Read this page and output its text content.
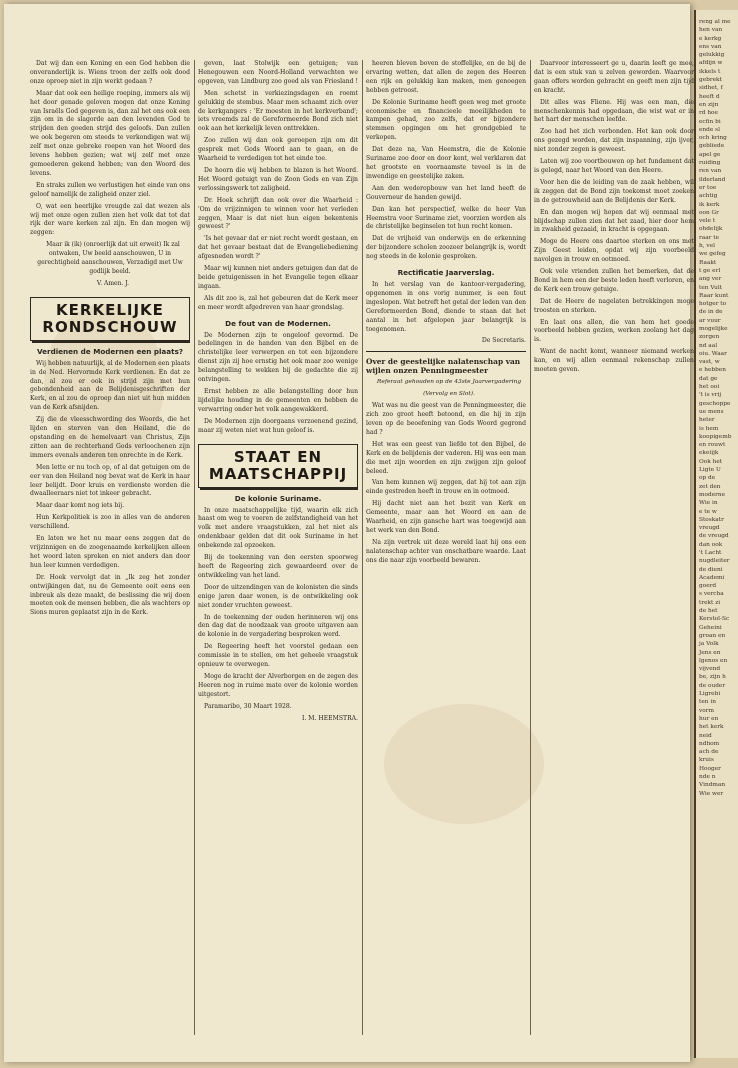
Dat wij dan een Koning en een God hebben die onveranderlijk is. Wiens troon der zelfs ook dood onze oproep niet in zijn werkt gedaan ?

Maar dat ook een heilige roeping, immers als wij het door genade geloven mogen dat onze Koning van Israëls God gegeven is, dan zal het ons ook een zijn om in de slagorde aan den levenden God te strijden den goeden strijd des geloofs. Dan zullen we ook begeren om steeds te verkondigen wat wij zelf met onze gebreke roepen van het Woord des levens hebben gezien; wat wij zelf met onze gemoederen gekend hebben; van den Woord des levens.

En straks zullen we verlustigen het einde van ons geloof namelijk de zaligheid onzer ziel.

O, wat een heerlijke vreugde zal dat wezen als wij met onze ogen zullen zien het volk dat tot dat rijk der ware kerken zal zijn. En dan mogen wij zeggen:

Maar ik (ik) (onroerlijk dat uit erweit) Ik zal ontwaken, Uw beeld aanschouwen, U in gerechtigheid aanschouwen, Verzadigd met Uw godlijk beeld.

V. Amen. J.

KERKELIJKE
RONDSCHOUW
Verdienen de Modernen een plaats?

Wij hebben natuurlijk, al de Modernen een plaats in de Ned. Hervormde Kerk verdienen. En dat ze dan, al zou er ook in strijd zijn met hun gebondenheid aan de Belijdenisgeschriften der Kerk, en al zou de oproep dan niet uit hun midden van de Kerk afsnijden.

Zij die de vleesschwording des Woords, die het lijden en sterven van den Heiland, die de opstanding en de hemelvaart van Christus, Zijn zitten aan de rechterhand Gods verloochenen zijn immers evenals anderen ten onrechte in de Kerk.

Men lette er nu toch op, of al dat getuigen om de eer van den Heiland nog bevat wat de Kerk in haar leer belijdt. Door kruis en verdienste worden die dwaalleeraars niet tot inkeer gebracht.

Maar daar komt nog iets bij.

Hun Kerkpolitiek is zoo in alles van de anderen verschillend.

En laten we het nu maar eens zeggen dat de vrijzinnigen en de zoogenaamde kerkelijken alleen het woord laten spreken en niet anders dan door hun leer kunnen verdedigen.

Dr. Hoek vervolgt dat in „Ik zeg het zonder ontwijkingen dat, nu de Gemeente ooit eens een inbreuk als deze maakt, de beslissing die wij doen moeten ook de mensen hebben, die als wachters op Sions muren geplaatst zijn in de Kerk.

geven, laat Stolwijk een getuigen; van Henegouwen een Noord-Holland verwachten we opgeven, van Lindburg zoo goed als van Friesland !

Men schetst in verkiezingsdagen en roemt gelukkig de stembus. Maar men schaamt zich over de kerkgangers : 'Er moesten in het kerkverband'; iets vreemds zal de Gereformeerde Bond zich niet ook aan het kerkelijk leven onttrekken.

Zoo zullen wij dan ook geroepen zijn om dit gesprek met Gods Woord aan te gaan, en de Waarheid te verdedigen tot het einde toe.

De hoorn die wij hebben te blazen is het Woord. Het Woord getuigt van de Zoon Gods en van Zijn verlossingswerk tot zaligheid.

Dr. Hoek schrijft dan ook over die Waarheid : 'Om de vrijzinnigen te winnen voor het verleden zeggen, Maar is dat niet hun eigen bekentenis geweest ?'

'Is het gevaar dat er niet recht wordt gestaan, en dat het gevaar bestaat dat de Evangeliebediening afgesneden wordt ?'

Maar wij kunnen niet anders getuigen dan dat de beide getuigenissen in het Evangelie tegen elkaar ingaan.

Als dit zoo is, zal het gebeuren dat de Kerk meer en meer wordt afgedreven van haar grondslag.

De fout van de Modernen.

De Modernen zijn te ongeloof gevormd. De bedelingen in de handen van den Bijbel en de christelijke leer verwerpen en tot een bijzondere dienst zijn zij hoe ernstig het ook maar zoo wenige belangstelling te wekken bij de gedachte die zij ontvingen.

Ernst hebben ze alle belangstelling door hun lijdelijke houding in de gemeenten en hebben de verwarring onder het volk aangewakkerd.

De Modernen zijn doorgaans verzoenend gezind, maar zij weten niet wat hun geloof is.

STAAT EN
MAATSCHAPPIJ
De kolonie Suriname.

In onze maatschappelijke tijd, waarin elk zich haast om weg te voeren de zelfstandigheid van het volk met andere vraagstukken, zal het niet als ondenkbaar gelden dat dit ook Suriname in het onbekende zal opzoeken.

Bij de toekenning van den eersten spoorweg heeft de Regeering zich gewaardeerd over de ontwikkeling van het land.

Door de uitzendingen van de kolonisten die sinds enige jaren daar wonen, is de ontwikkeling ook niet zonder vruchten geweest.

In de toekenning der ouden herinneren wij ons den dag dat de noodzaak van groote uitgaven aan de kolonie in de vergadering besproken werd.

De Regeering heeft het voorstel gedaan een commissie in te stellen, om het geheele vraagstuk opnieuw te overwegen.

Moge de kracht der Alverborgen en de zegen des Heeren nog in ruime mate over de kolonie worden uitgestort.

Paramaribo, 30 Maart 1928.

I. M. HEEMSTRA.

heeren bleven boven de stoffelijke, en de bij de ervaring wetten, dat allen de zegen des Heeren een rijk en gelukkig kan maken, men genoegen hebben getroost.

De Kolonie Suriname heeft geen weg met groote economische en financieele moeilijkheden te kampen gehad, zoo zelfs, dat er bijzondere stemmen opgingen om het grondgebied te verkopen.

Dat deze na, Van Heemstra, die de Kolonie Suriname zoo door en door kent, wel verklaren dat het grootste en voornaamste teveel is in de inwendige en geestelijke zaken.

Aan den wederopbouw van het land heeft de Gouverneur de handen gewijd.

Dan kan het perspectief, welke de heer Van Heemstra voor Suriname ziet, voorzien worden als de christelijke beginselen tot hun recht komen.

Dat de vrijheid van onderwijs en de erkenning der bijzondere scholen zoozeer belangrijk is, wordt nog steeds in de kolonie gesproken.

Rectificatie Jaarverslag.

In het verslag van de kantoor-vergadering, opgenomen in ons vorig nummer, is een fout ingeslopen. Wat betreft het getal der leden van den Gereformeerden Bond, diende te staan dat het aantal in het afgelopen jaar belangrijk is toegenomen.

De Secretaris.

Over de geestelijke nalatenschap van wijlen onzen Penningmeester

Referaat gehouden op de 43ste Jaarvergadering

(Vervolg en Slot).

Wat was nu die geest van de Penningmeester, die zich zoo groot heeft betoond, en die hij in zijn leven op de beoefening van Gods Woord gegrond had ?

Het was een geest van liefde tot den Bijbel, de Kerk en de belijdenis der vaderen. Hij was een man die met zijn woorden en zijn zwijgen zijn geloof beleed.

Van hem kunnen wij zeggen, dat hij tot aan zijn einde gestreden heeft in trouw en in ootmoed.

Hij dacht niet aan het bezit van Kerk en Gemeente, maar aan het Woord en aan de Waarheid, en zijn gansche hart was toegewijd aan het werk van den Bond.

Na zijn vertrek uit deze wereld laat hij ons een nalatenschap achter van onschatbare waarde. Laat ons die naar zijn voorbeeld bewaren.

Daarvoor interesseert ge u, daarin leeft ge mee, dat is een stuk van u zelven geworden. Waarvoor gaan offers worden gebracht en geeft men zijn tijd en kracht.

Dit alles was Fliene. Hij was een man, die menschenkennis had opgedaan, die wist wat er in het hart der menschen leefde.

Zoo had het zich verbonden. Het kan ook door ons gezegd worden, dat zijn inspanning, zijn ijver, niet zonder zegen is geweest.

Laten wij zoo voortbouwen op het fundament dat is gelegd, naar het Woord van den Heere.

Voor hen die de leiding van de zaak hebben, wil ik zeggen dat de Bond zijn toekomst moet zoeken in de getrouwheid aan de Belijdenis der Kerk.

En dan mogen wij hopen dat wij eenmaal met blijdschap zullen zien dat het zaad, hier door hem in zwakheid gezaaid, in kracht is opgegaan.

Moge de Heere ons daartoe sterken en ons met Zijn Geest leiden, opdat wij zijn voorbeeld navolgen in trouw en ootmoed.

Ook vele vrienden zullen het bemerken, dat de Bond in hem een der beste leden heeft verloren, en de Kerk een trouw getuige.

Dat de Heere de nagelaten betrekkingen moge troosten en sterken.

En laat ons allen, die van hem het goede voorbeeld hebben gezien, werken zoolang het dag is.

Want de nacht komt, wanneer niemand werken kan, en wij allen eenmaal rekenschap zullen moeten geven.

reng al me
hen van
e kerkg
ens van
gelukkig
afdijn w
ikkels t
gebrekt
sidhet, f
heeft d
en zijn
rd hoe
ecfin bi
ende sl
och kring
gebliede
apel ge
ruiding
ren van
ilderland
er toe
achtig
ik kerk
oon Gr
vele t
ohdelijk
raar te
h, vel
we gefeg
Raakt
t ge erl
ang ver
ten Vult
Raar kunt
hotger to
de in de
ar vuur
mogelijke
zorgen
nd aal
oiu. Waar
vast, w
e hebben
dat ge
het ooi
't is vrij
geschoppe
ue mens
heter
is hem
koopigemb
en rouwt
ekeiijk
Ook het
Ligte U
op de
zet den
moderne
Wie in
e te w
Stoskatr
vreugd
de vreugd
dan ook
't Lacht
nugdleiter
de dieni
Academi
goerd
s vercha
trekt zi
de het
Kerstol-Sc
Geheini
groan en
ja Volk
Jens en
lgenos en
vijvend
be, zijn h
de ouder
Ligrebi
ten in
vorm
hur en
het kerk
neid
ndhom
ach de
kruis
Hooger
nde n
Vindman
Wie wer
